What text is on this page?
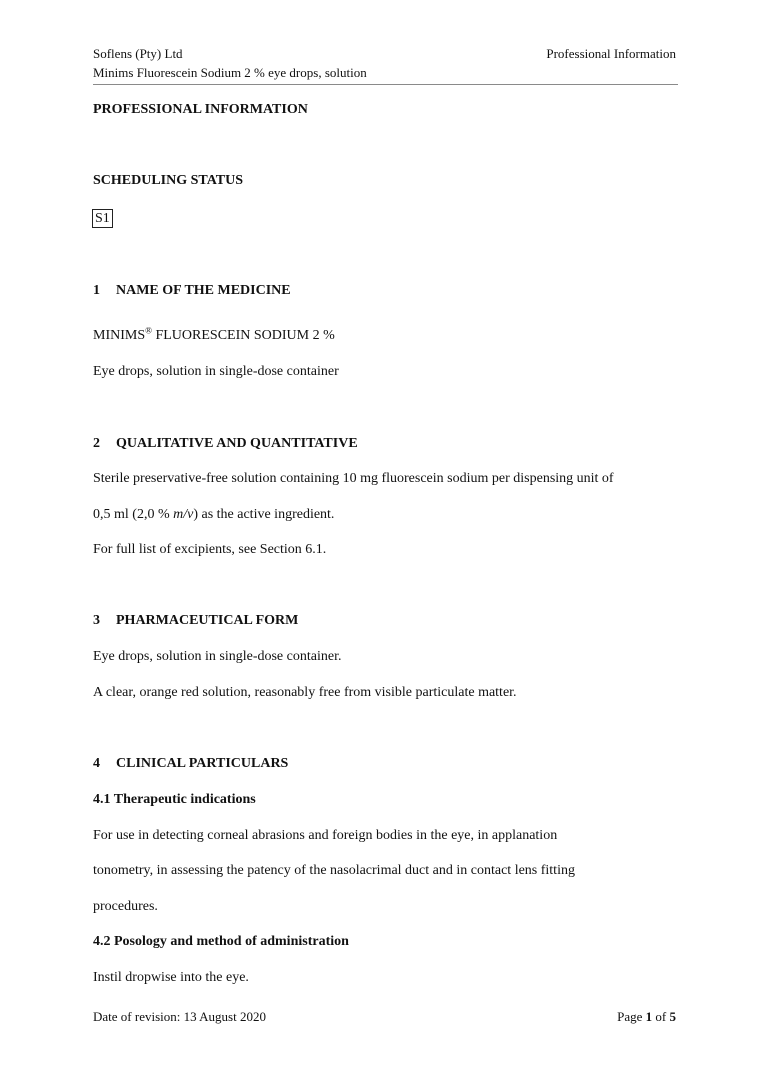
Soflens (Pty) Ltd
Minims Fluorescein Sodium 2 % eye drops, solution
Professional Information
PROFESSIONAL INFORMATION
SCHEDULING STATUS
S1
1 NAME OF THE MEDICINE
MINIMS® FLUORESCEIN SODIUM 2 %
Eye drops, solution in single-dose container
2 QUALITATIVE AND QUANTITATIVE
Sterile preservative-free solution containing 10 mg fluorescein sodium per dispensing unit of
0,5 ml (2,0 % m/v) as the active ingredient.
For full list of excipients, see Section 6.1.
3 PHARMACEUTICAL FORM
Eye drops, solution in single-dose container.
A clear, orange red solution, reasonably free from visible particulate matter.
4 CLINICAL PARTICULARS
4.1 Therapeutic indications
For use in detecting corneal abrasions and foreign bodies in the eye, in applanation
tonometry, in assessing the patency of the nasolacrimal duct and in contact lens fitting
procedures.
4.2 Posology and method of administration
Instil dropwise into the eye.
Date of revision: 13 August 2020	Page 1 of 5
